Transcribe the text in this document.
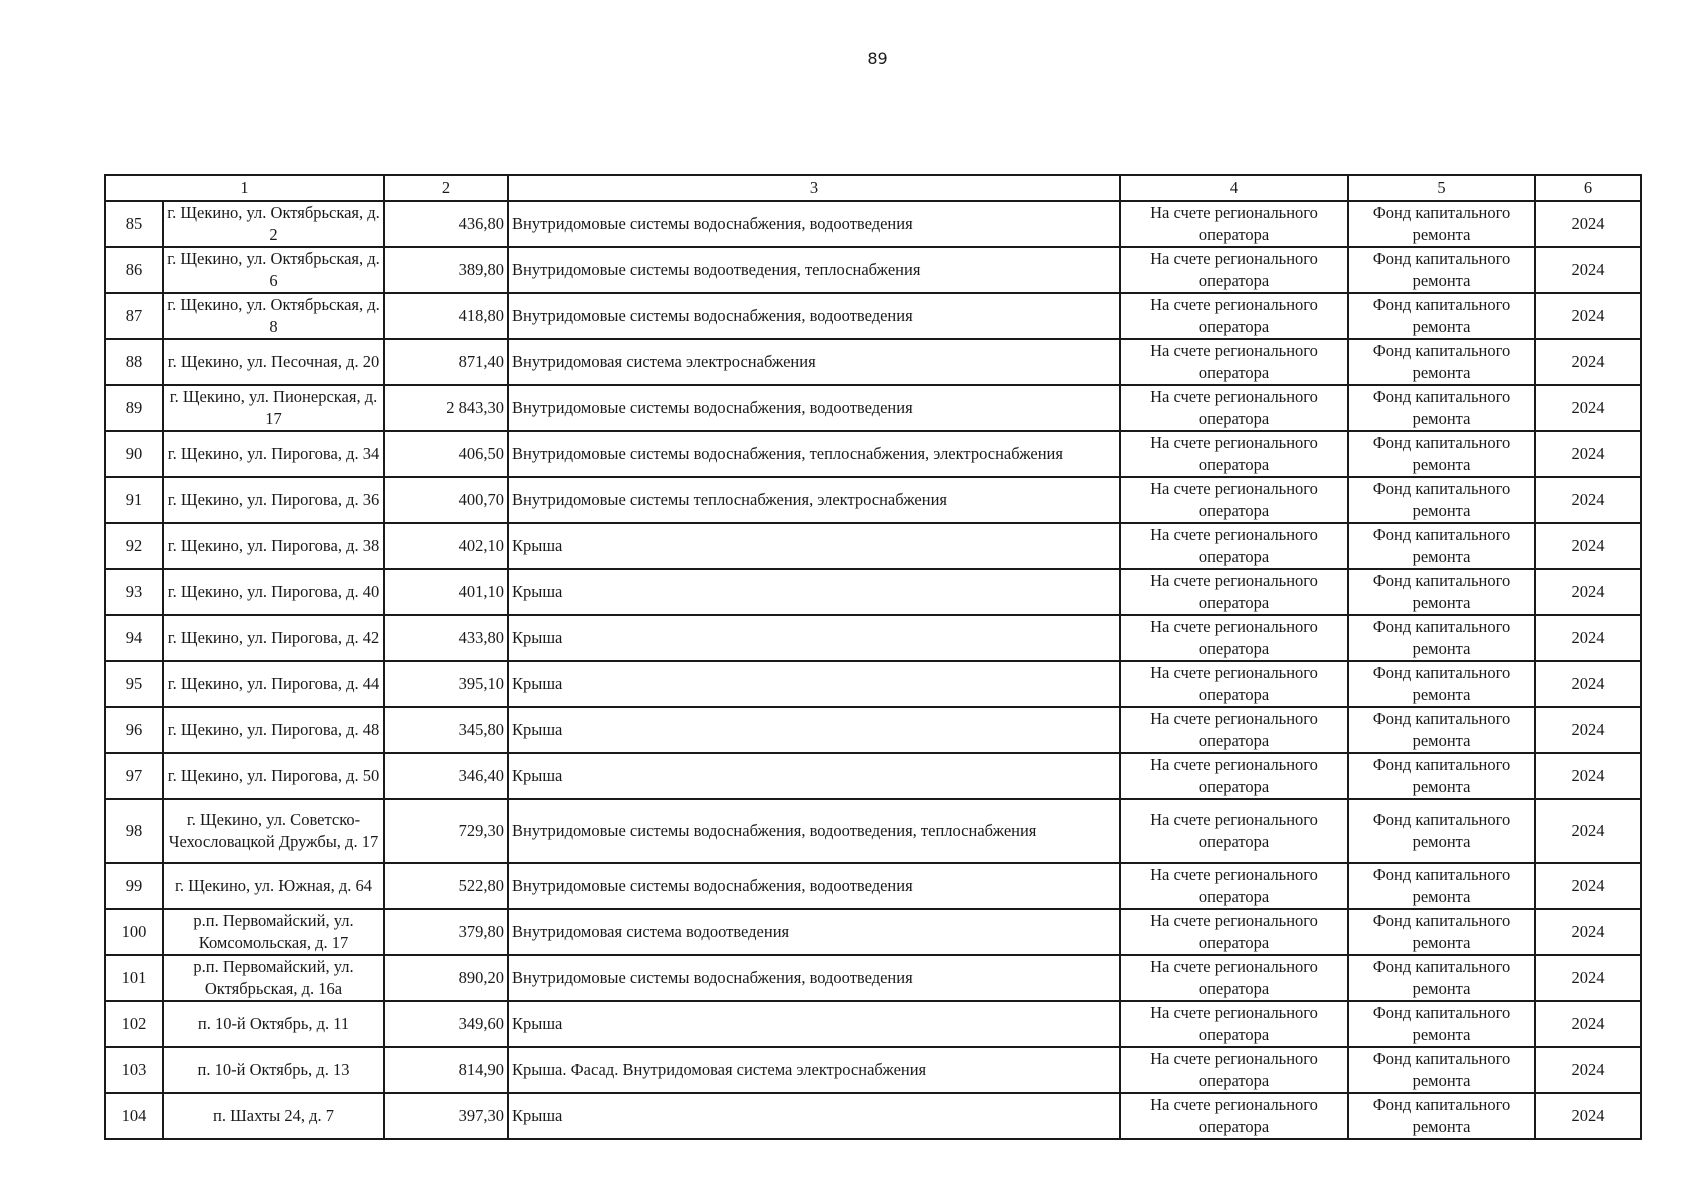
89
1		2	3	4	5	6
85	г. Щекино, ул. Октябрьская, д. 2	436,80	Внутридомовые системы водоснабжения, водоотведения	На счете регионального оператора	Фонд капитального ремонта	2024
86	г. Щекино, ул. Октябрьская, д. 6	389,80	Внутридомовые системы водоотведения, теплоснабжения	На счете регионального оператора	Фонд капитального ремонта	2024
87	г. Щекино, ул. Октябрьская, д. 8	418,80	Внутридомовые системы водоснабжения, водоотведения	На счете регионального оператора	Фонд капитального ремонта	2024
88	г. Щекино, ул. Песочная, д. 20	871,40	Внутридомовая система электроснабжения	На счете регионального оператора	Фонд капитального ремонта	2024
89	г. Щекино, ул. Пионерская, д. 17	2 843,30	Внутридомовые системы водоснабжения, водоотведения	На счете регионального оператора	Фонд капитального ремонта	2024
90	г. Щекино, ул. Пирогова, д. 34	406,50	Внутридомовые системы водоснабжения, теплоснабжения, электроснабжения	На счете регионального оператора	Фонд капитального ремонта	2024
91	г. Щекино, ул. Пирогова, д. 36	400,70	Внутридомовые системы теплоснабжения, электроснабжения	На счете регионального оператора	Фонд капитального ремонта	2024
92	г. Щекино, ул. Пирогова, д. 38	402,10	Крыша	На счете регионального оператора	Фонд капитального ремонта	2024
93	г. Щекино, ул. Пирогова, д. 40	401,10	Крыша	На счете регионального оператора	Фонд капитального ремонта	2024
94	г. Щекино, ул. Пирогова, д. 42	433,80	Крыша	На счете регионального оператора	Фонд капитального ремонта	2024
95	г. Щекино, ул. Пирогова, д. 44	395,10	Крыша	На счете регионального оператора	Фонд капитального ремонта	2024
96	г. Щекино, ул. Пирогова, д. 48	345,80	Крыша	На счете регионального оператора	Фонд капитального ремонта	2024
97	г. Щекино, ул. Пирогова, д. 50	346,40	Крыша	На счете регионального оператора	Фонд капитального ремонта	2024
98	г. Щекино, ул. Советско-Чехословацкой Дружбы, д. 17	729,30	Внутридомовые системы водоснабжения, водоотведения, теплоснабжения	На счете регионального оператора	Фонд капитального ремонта	2024
99	г. Щекино, ул. Южная, д. 64	522,80	Внутридомовые системы водоснабжения, водоотведения	На счете регионального оператора	Фонд капитального ремонта	2024
100	р.п. Первомайский, ул. Комсомольская, д. 17	379,80	Внутридомовая система водоотведения	На счете регионального оператора	Фонд капитального ремонта	2024
101	р.п. Первомайский, ул. Октябрьская, д. 16а	890,20	Внутридомовые системы водоснабжения, водоотведения	На счете регионального оператора	Фонд капитального ремонта	2024
102	п. 10-й Октябрь, д. 11	349,60	Крыша	На счете регионального оператора	Фонд капитального ремонта	2024
103	п. 10-й Октябрь, д. 13	814,90	Крыша. Фасад. Внутридомовая система электроснабжения	На счете регионального оператора	Фонд капитального ремонта	2024
104	п. Шахты 24, д. 7	397,30	Крыша	На счете регионального оператора	Фонд капитального ремонта	2024
